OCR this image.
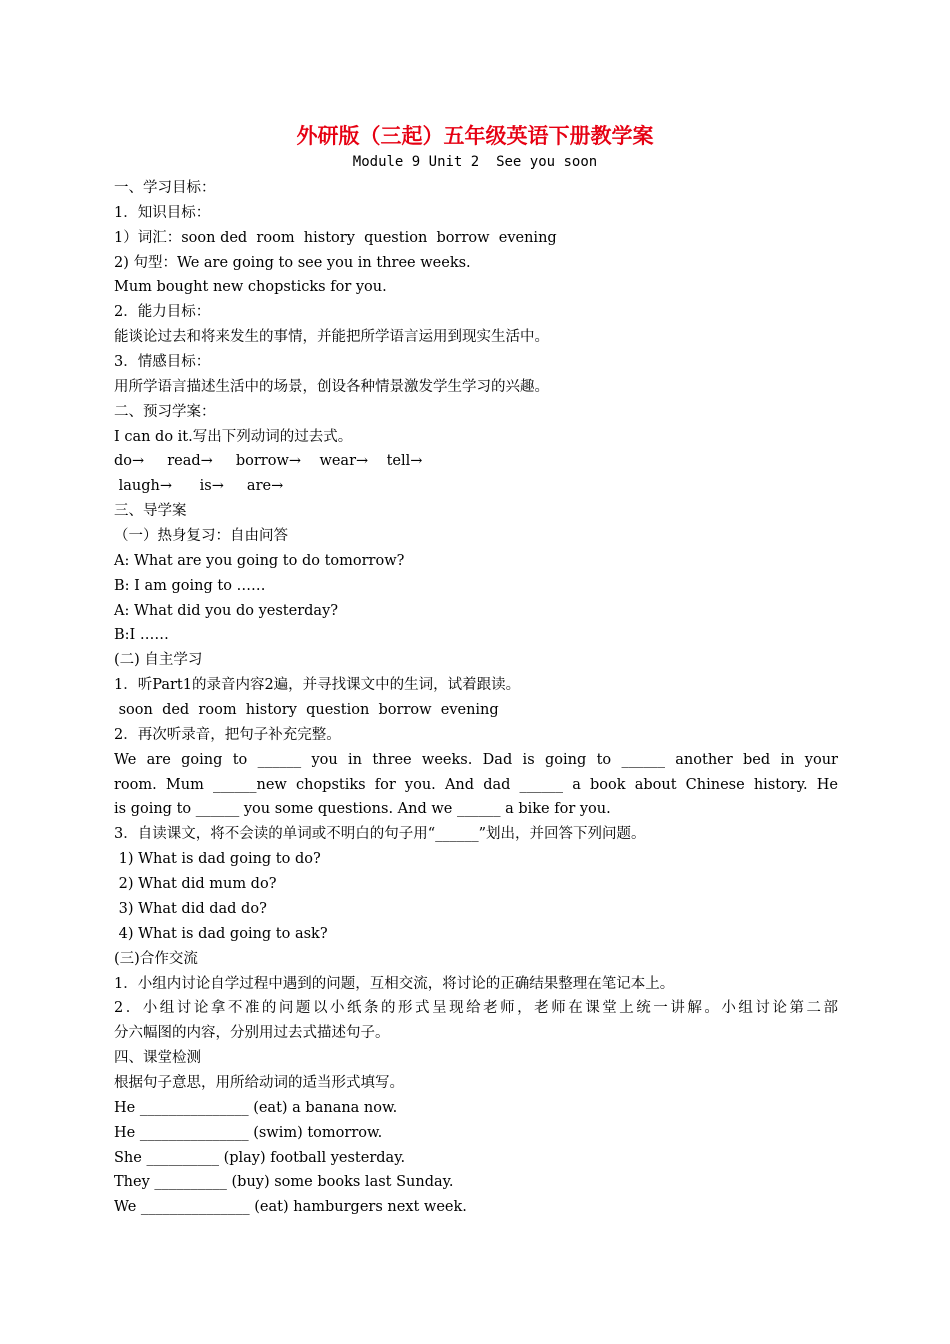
外研版（三起）五年级英语下册教学案
Module 9 Unit 2  See you soon
一、学习目标：
1．知识目标：
1）词汇：soon ded  room  history  question  borrow  evening
2) 句型：We are going to see you in three weeks.
Mum bought new chopsticks for you.
2．能力目标：
能谈论过去和将来发生的事情，并能把所学语言运用到现实生活中。
3．情感目标：
用所学语言描述生活中的场景，创设各种情景激发学生学习的兴趣。
二、预习学案：
I can do it.写出下列动词的过去式。
do→     read→     borrow→    wear→    tell→
laugh→      is→     are→
三、导学案
（一）热身复习：自由问答
A: What are you going to do tomorrow?
B: I am going to ……
A: What did you do yesterday?
B:I ……
(二) 自主学习
1．听Part1的录音内容2遍，并寻找课文中的生词，试着跟读。
soon  ded  room  history  question  borrow  evening
2．再次听录音，把句子补充完整。
We are going to ______ you in three weeks. Dad is going to ______ another bed in your
room. Mum ______new chopstiks for you. And dad ______ a book about Chinese history. He
is going to ______ you some questions. And we ______ a bike for you.
3．自读课文，将不会读的单词或不明白的句子用“______”划出，并回答下列问题。
1) What is dad going to do?
2) What did mum do?
3) What did dad do?
4) What is dad going to ask?
(三)合作交流
1．小组内讨论自学过程中遇到的问题，互相交流，将讨论的正确结果整理在笔记本上。
2．小组讨论拿不准的问题以小纸条的形式呈现给老师，老师在课堂上统一讲解。小组讨论第二部
分六幅图的内容，分别用过去式描述句子。
四、课堂检测
根据句子意思，用所给动词的适当形式填写。
He _______________ (eat) a banana now.
He _______________ (swim) tomorrow.
She __________ (play) football yesterday.
They __________ (buy) some books last Sunday.
We _______________ (eat) hamburgers next week.
